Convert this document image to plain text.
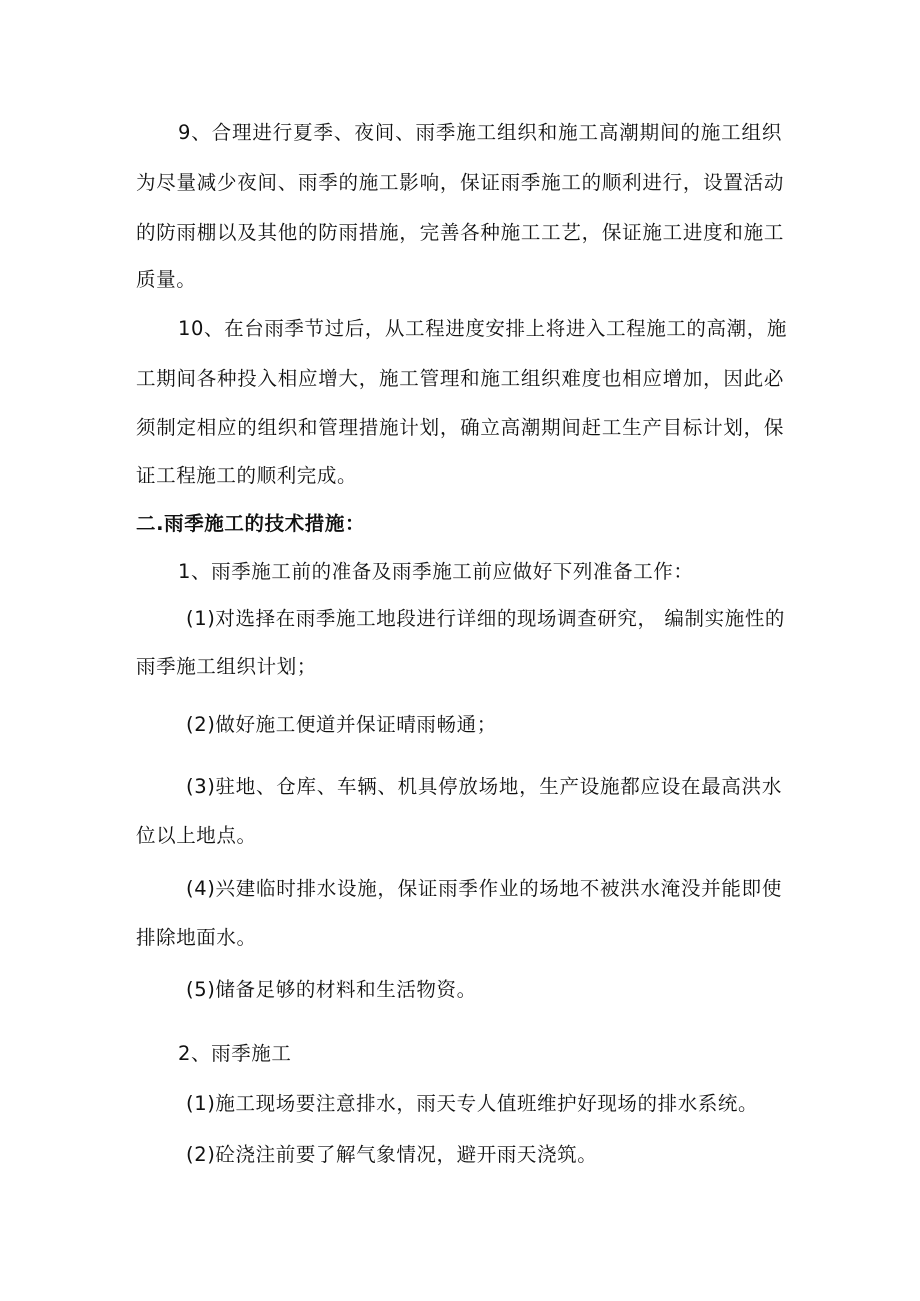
9、合理进行夏季、夜间、雨季施工组织和施工高潮期间的施工组织
为尽量减少夜间、雨季的施工影响，保证雨季施工的顺利进行，设置活动
的防雨棚以及其他的防雨措施，完善各种施工工艺，保证施工进度和施工
质量。
10、在台雨季节过后，从工程进度安排上将进入工程施工的高潮，施
工期间各种投入相应增大，施工管理和施工组织难度也相应增加，因此必
须制定相应的组织和管理措施计划，确立高潮期间赶工生产目标计划，保
证工程施工的顺利完成。
二.雨季施工的技术措施：
1、雨季施工前的准备及雨季施工前应做好下列准备工作：
(1)对选择在雨季施工地段进行详细的现场调查研究， 编制实施性的
雨季施工组织计划；
(2)做好施工便道并保证晴雨畅通；
(3)驻地、仓库、车辆、机具停放场地，生产设施都应设在最高洪水
位以上地点。
(4)兴建临时排水设施，保证雨季作业的场地不被洪水淹没并能即使
排除地面水。
(5)储备足够的材料和生活物资。
2、雨季施工
(1)施工现场要注意排水，雨天专人值班维护好现场的排水系统。
(2)砼浇注前要了解气象情况，避开雨天浇筑。
